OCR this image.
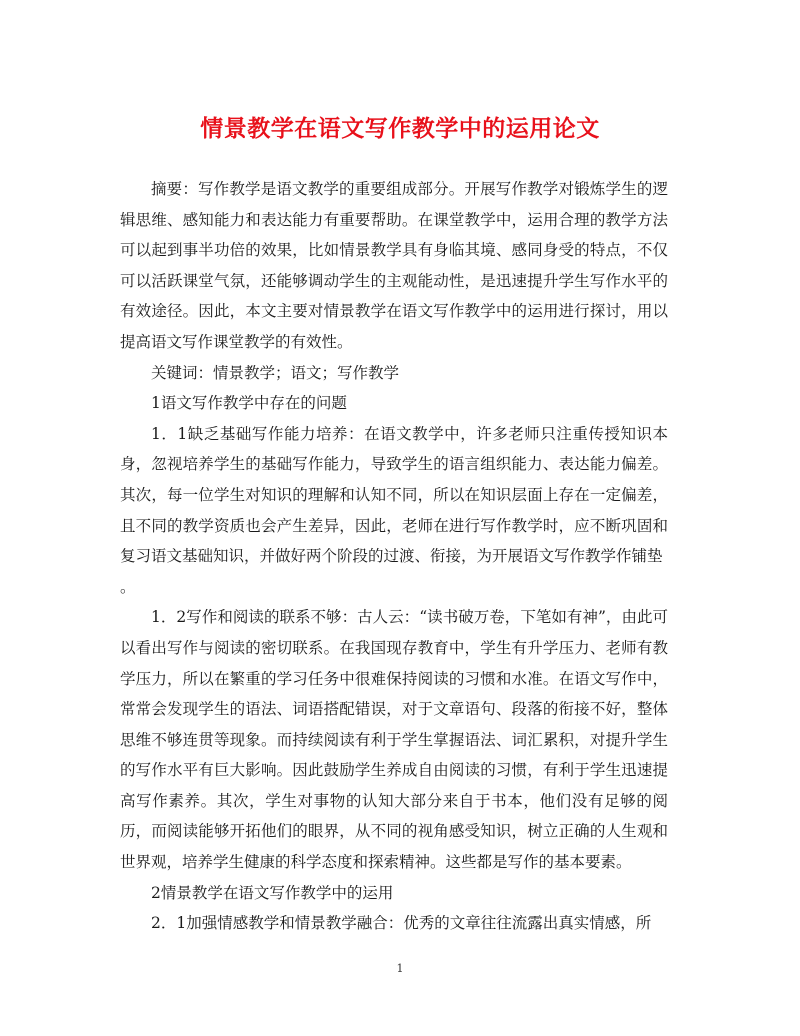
情景教学在语文写作教学中的运用论文

摘要：写作教学是语文教学的重要组成部分。开展写作教学对锻炼学生的逻辑思维、感知能力和表达能力有重要帮助。在课堂教学中，运用合理的教学方法可以起到事半功倍的效果，比如情景教学具有身临其境、感同身受的特点，不仅可以活跃课堂气氛，还能够调动学生的主观能动性，是迅速提升学生写作水平的有效途径。因此，本文主要对情景教学在语文写作教学中的运用进行探讨，用以提高语文写作课堂教学的有效性。

关键词：情景教学；语文；写作教学

1语文写作教学中存在的问题

1．1缺乏基础写作能力培养：在语文教学中，许多老师只注重传授知识本身，忽视培养学生的基础写作能力，导致学生的语言组织能力、表达能力偏差。其次，每一位学生对知识的理解和认知不同，所以在知识层面上存在一定偏差，且不同的教学资质也会产生差异，因此，老师在进行写作教学时，应不断巩固和复习语文基础知识，并做好两个阶段的过渡、衔接，为开展语文写作教学作铺垫

。

1．2写作和阅读的联系不够：古人云：“读书破万卷，下笔如有神”，由此可以看出写作与阅读的密切联系。在我国现存教育中，学生有升学压力、老师有教学压力，所以在繁重的学习任务中很难保持阅读的习惯和水准。在语文写作中，常常会发现学生的语法、词语搭配错误，对于文章语句、段落的衔接不好，整体思维不够连贯等现象。而持续阅读有利于学生掌握语法、词汇累积，对提升学生的写作水平有巨大影响。因此鼓励学生养成自由阅读的习惯，有利于学生迅速提高写作素养。其次，学生对事物的认知大部分来自于书本，他们没有足够的阅历，而阅读能够开拓他们的眼界，从不同的视角感受知识，树立正确的人生观和世界观，培养学生健康的科学态度和探索精神。这些都是写作的基本要素。

2情景教学在语文写作教学中的运用

2．1加强情感教学和情景教学融合：优秀的文章往往流露出真实情感，所

1
